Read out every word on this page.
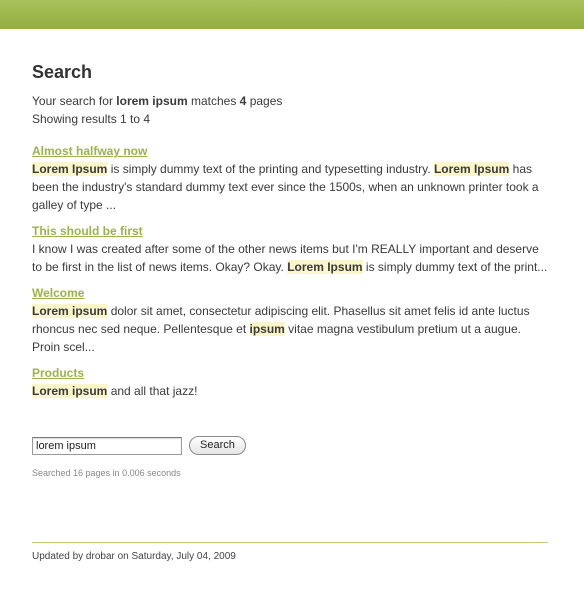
Search
Your search for lorem ipsum matches 4 pages
Showing results 1 to 4
Almost halfway now
Lorem Ipsum is simply dummy text of the printing and typesetting industry. Lorem Ipsum has been the industry's standard dummy text ever since the 1500s, when an unknown printer took a galley of type ...
This should be first
I know I was created after some of the other news items but I'm REALLY important and deserve to be first in the list of news items. Okay? Okay. Lorem Ipsum is simply dummy text of the print...
Welcome
Lorem ipsum dolor sit amet, consectetur adipiscing elit. Phasellus sit amet felis id ante luctus rhoncus nec sed neque. Pellentesque et ipsum vitae magna vestibulum pretium ut a augue. Proin scel...
Products
Lorem ipsum and all that jazz!
lorem ipsum
Search
Searched 16 pages in 0.006 seconds
Updated by drobar on Saturday, July 04, 2009
